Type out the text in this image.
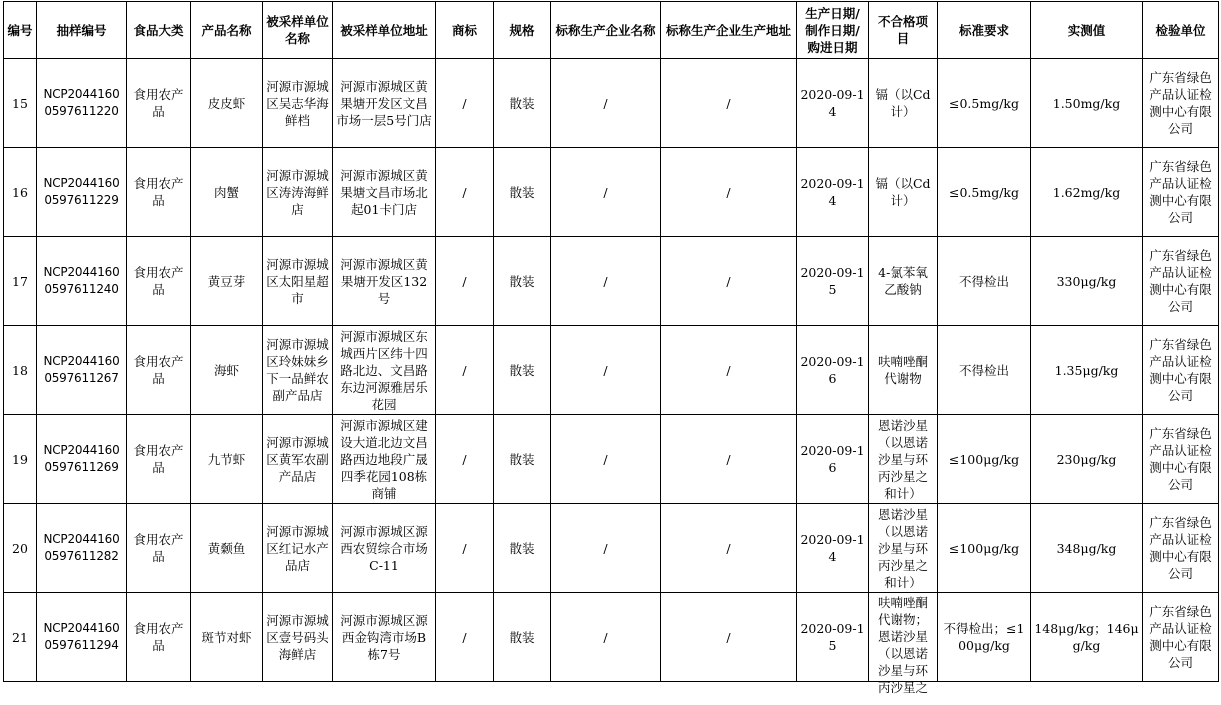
编号	抽样编号	食品大类	产品名称	被采样单位名称	被采样单位地址	商标	规格	标称生产企业名称	标称生产企业生产地址	生产日期/制作日期/购进日期	不合格项目	标准要求	实测值	检验单位
15	NCP20441600597611220	食用农产品	皮皮虾	河源市源城区吴志华海鲜档	河源市源城区黄果塘开发区文昌市场一层5号门店	/	散装	/	/	2020-09-14	镉（以Cd计）	≤0.5mg/kg	1.50mg/kg	广东省绿色产品认证检测中心有限公司
16	NCP20441600597611229	食用农产品	肉蟹	河源市源城区涛涛海鲜店	河源市源城区黄果塘文昌市场北起01卡门店	/	散装	/	/	2020-09-14	镉（以Cd计）	≤0.5mg/kg	1.62mg/kg	广东省绿色产品认证检测中心有限公司
17	NCP20441600597611240	食用农产品	黄豆芽	河源市源城区太阳星超市	河源市源城区黄果塘开发区132号	/	散装	/	/	2020-09-15	4-氯苯氧乙酸钠	不得检出	330μg/kg	广东省绿色产品认证检测中心有限公司
18	NCP20441600597611267	食用农产品	海虾	河源市源城区玲妹妹乡下一品鲜农副产品店	河源市源城区东城西片区纬十四路北边、文昌路东边河源雅居乐花园	/	散装	/	/	2020-09-16	呋喃唑酮代谢物	不得检出	1.35μg/kg	广东省绿色产品认证检测中心有限公司
19	NCP20441600597611269	食用农产品	九节虾	河源市源城区黄军农副产品店	河源市源城区建设大道北边文昌路西边地段广晟四季花园108栋商铺	/	散装	/	/	2020-09-16	恩诺沙星（以恩诺沙星与环丙沙星之和计）	≤100μg/kg	230μg/kg	广东省绿色产品认证检测中心有限公司
20	NCP20441600597611282	食用农产品	黄颡鱼	河源市源城区红记水产品店	河源市源城区源西农贸综合市场C-11	/	散装	/	/	2020-09-14	恩诺沙星（以恩诺沙星与环丙沙星之和计）	≤100μg/kg	348μg/kg	广东省绿色产品认证检测中心有限公司
21	NCP20441600597611294	食用农产品	斑节对虾	河源市源城区壹号码头海鲜店	河源市源城区源西金钩湾市场B栋7号	/	散装	/	/	2020-09-15	呋喃唑酮代谢物；恩诺沙星（以恩诺沙星与环丙沙星之	不得检出；≤100μg/kg	148μg/kg；146μg/kg	广东省绿色产品认证检测中心有限公司
